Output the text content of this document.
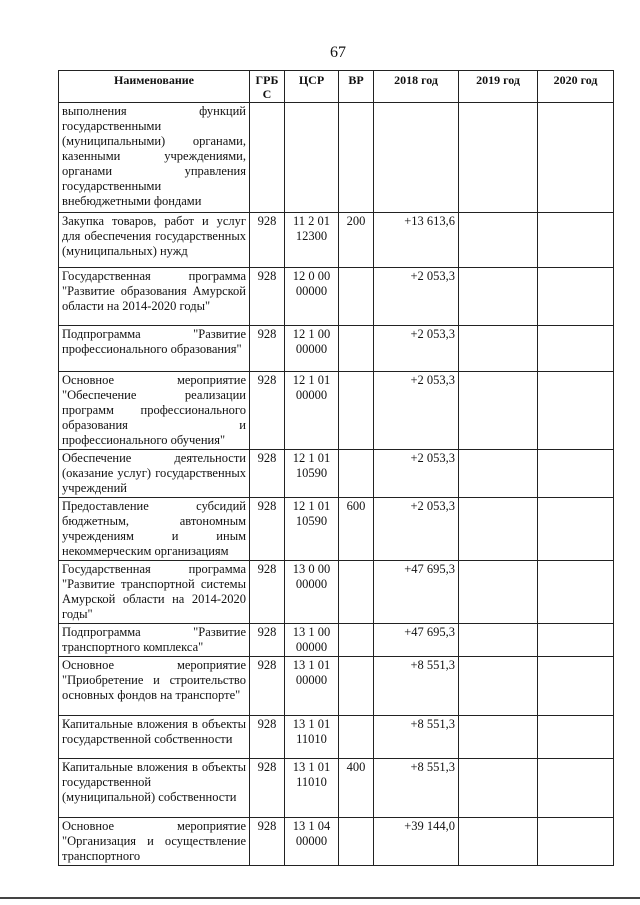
67
Наименование	ГРБ С	ЦСР	ВР	2018 год	2019 год	2020 год
выполнения функций государственными (муниципальными) органами, казенными учреждениями, органами управления государственными внебюджетными фондами						
Закупка товаров, работ и услуг для обеспечения государственных (муниципальных) нужд	928	11 2 01 12300	200	+13 613,6		
Государственная программа "Развитие образования Амурской области на 2014-2020 годы"	928	12 0 00 00000		+2 053,3		
Подпрограмма "Развитие профессионального образования"	928	12 1 00 00000		+2 053,3		
Основное мероприятие "Обеспечение реализации программ профессионального образования и профессионального обучения"	928	12 1 01 00000		+2 053,3		
Обеспечение деятельности (оказание услуг) государственных учреждений	928	12 1 01 10590		+2 053,3		
Предоставление субсидий бюджетным, автономным учреждениям и иным некоммерческим организациям	928	12 1 01 10590	600	+2 053,3		
Государственная программа "Развитие транспортной системы Амурской области на 2014-2020 годы"	928	13 0 00 00000		+47 695,3		
Подпрограмма "Развитие транспортного комплекса"	928	13 1 00 00000		+47 695,3		
Основное мероприятие "Приобретение и строительство основных фондов на транспорте"	928	13 1 01 00000		+8 551,3		
Капитальные вложения в объекты государственной собственности	928	13 1 01 11010		+8 551,3		
Капитальные вложения в объекты государственной (муниципальной) собственности	928	13 1 01 11010	400	+8 551,3		
Основное мероприятие "Организация и осуществление транспортного	928	13 1 04 00000		+39 144,0		
